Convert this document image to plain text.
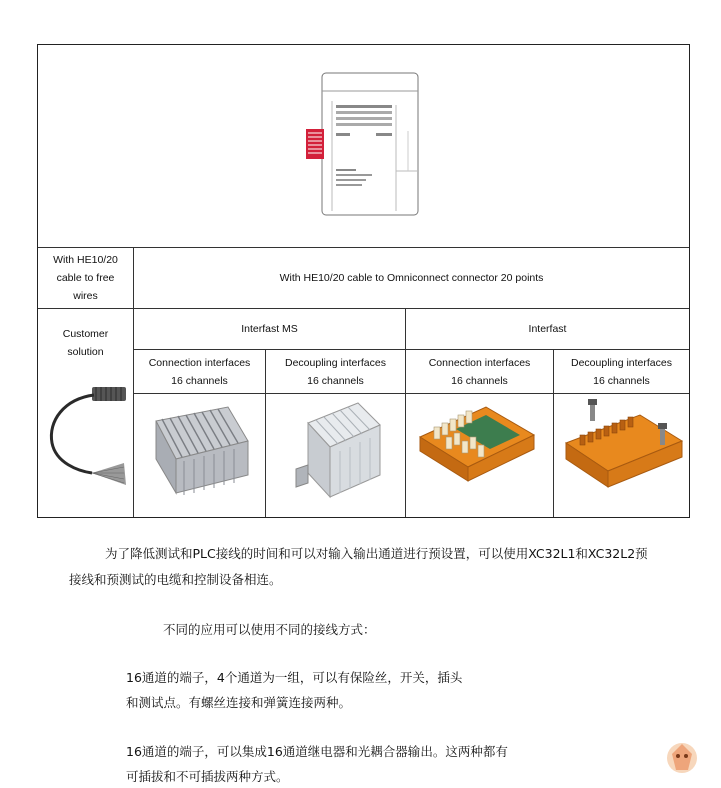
With HE10/20
cable to free
wires
With HE10/20 cable to Omniconnect connector 20 points
Customer
solution
Interfast MS	Interfast
Connection interfaces
16 channels
Decoupling interfaces
16 channels
Connection interfaces
16 channels
Decoupling interfaces
16 channels
为了降低测试和PLC接线的时间和可以对输入输出通道进行预设置，可以使用XC32L1和XC32L2预
接线和预测试的电缆和控制设备相连。
不同的应用可以使用不同的接线方式：
16通道的端子，4个通道为一组，可以有保险丝，开关，插头
和测试点。有螺丝连接和弹簧连接两种。
16通道的端子，可以集成16通道继电器和光耦合器输出。这两种都有
可插拔和不可插拔两种方式。
